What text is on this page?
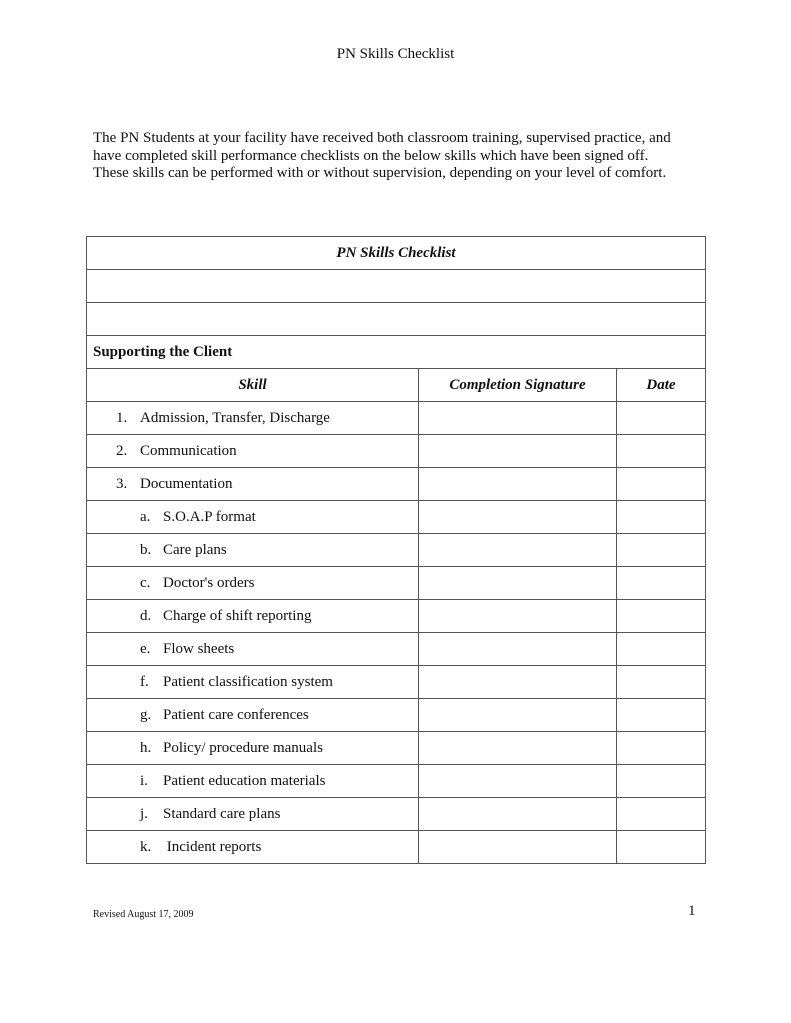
PN Skills Checklist

The PN Students at your facility have received both classroom training, supervised practice, and
have completed skill performance checklists on the below skills which have been signed off.
These skills can be performed with or without supervision, depending on your level of comfort.

PN Skills Checklist		

Supporting the Client		
Skill	Completion Signature	Date

1. Admission, Transfer, Discharge		

2. Communication		

3. Documentation		

a. S.O.A.P format		

b. Care plans		

c. Doctor's orders		

d. Charge of shift reporting		

e. Flow sheets		

f. Patient classification system		

g. Patient care conferences		

h. Policy/ procedure manuals		

i. Patient education materials		

j. Standard care plans		

k. Incident reports		

Revised August 17, 2009	1
